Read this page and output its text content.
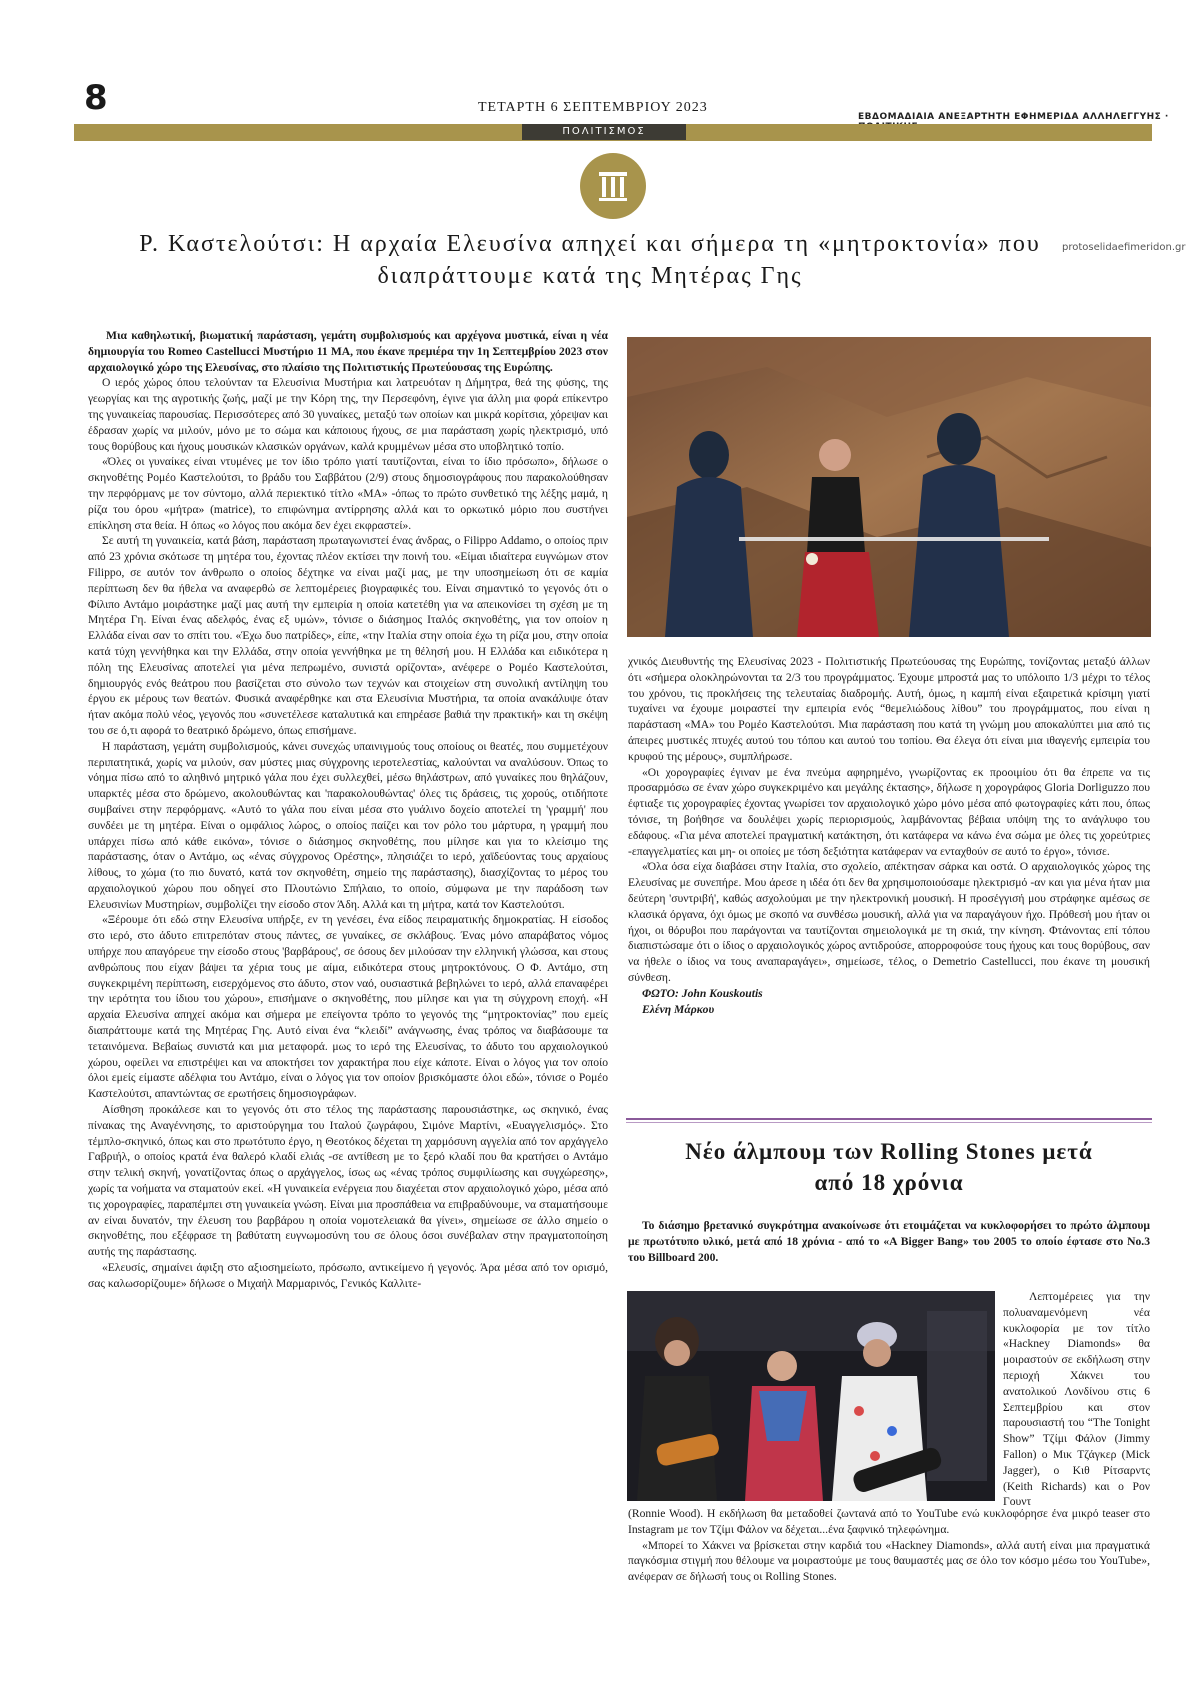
8	ΤΕΤΑΡΤΗ 6 ΣΕΠΤΕΜΒΡΙΟΥ 2023
ΕΒΔΟΜΑΔΙΑΙΑ ΑΝΕΞΑΡΤΗΤΗ ΕΦΗΜΕΡΙΔΑ ΑΛΛΗΛΕΓΓΥΗΣ ·
ΠΟΛΙΤΙΣΜΟΣ
Ρ. Καστελούτσι: Η αρχαία Ελευσίνα απηχεί και σήμερα τη «μητροκτονία» που
διαπράττουμε κατά της Μητέρας Γης
protoselidaefimeridon.gr

Μια καθηλωτική, βιωματική παράσταση, γεμάτη συμβολισμούς και αρχέγονα μυστικά, είναι η νέα δημιουργία του Romeo Castellucci Μυστήριο 11 ΜΑ, που έκανε πρεμιέρα την 1η Σεπτεμβρίου 2023 στον αρχαιολογικό χώρο της Ελευσίνας, στο πλαίσιο της Πολιτιστικής Πρωτεύουσας της Ευρώπης.

Ο ιερός χώρος όπου τελούνταν τα Ελευσίνια Μυστήρια και λατρευόταν η Δήμητρα, θεά της φύσης, της γεωργίας και της αγροτικής ζωής, μαζί με την Κόρη της, την Περσεφόνη, έγινε για άλλη μια φορά επίκεντρο της γυναικείας παρουσίας. Περισσότερες από 30 γυναίκες, μεταξύ των οποίων και μικρά κορίτσια, χόρεψαν και έδρασαν χωρίς να μιλούν, μόνο με το σώμα και κάποιους ήχους, σε μια παράσταση χωρίς ηλεκτρισμό, υπό τους θορύβους και ήχους μουσικών κλασικών οργάνων, καλά κρυμμένων μέσα στο υποβλητικό τοπίο.

«Όλες οι γυναίκες είναι ντυμένες με τον ίδιο τρόπο γιατί ταυτίζονται, είναι το ίδιο πρόσωπο», δήλωσε ο σκηνοθέτης Ρομέο Καστελούτσι, το βράδυ του Σαββάτου (2/9) στους δημοσιογράφους που παρακολούθησαν την περφόρμανς με τον σύντομο, αλλά περιεκτικό τίτλο «ΜΑ» -όπως το πρώτο συνθετικό της λέξης μαμά, η ρίζα του όρου «μήτρα» (matrice), το επιφώνημα αντίρρησης αλλά και το ορκωτικό μόριο που συστήνει επίκληση στα θεία. Η όπως «ο λόγος που ακόμα δεν έχει εκφραστεί».

Σε αυτή τη γυναικεία, κατά βάση, παράσταση πρωταγωνιστεί ένας άνδρας, ο Filippo Addamo, ο οποίος πριν από 23 χρόνια σκότωσε τη μητέρα του, έχοντας πλέον εκτίσει την ποινή του. «Είμαι ιδιαίτερα ευγνώμων στον Filippo, σε αυτόν τον άνθρωπο ο οποίος δέχτηκε να είναι μαζί μας, με την υποσημείωση ότι σε καμία περίπτωση δεν θα ήθελα να αναφερθώ σε λεπτομέρειες βιογραφικές του. Είναι σημαντικό το γεγονός ότι ο Φίλιπο Αντάμο μοιράστηκε μαζί μας αυτή την εμπειρία η οποία κατετέθη για να απεικονίσει τη σχέση με τη Μητέρα Γη. Είναι ένας αδελφός, ένας εξ υμών», τόνισε ο διάσημος Ιταλός σκηνοθέτης, για τον οποίον η Ελλάδα είναι σαν το σπίτι του. «Έχω δυο πατρίδες», είπε, «την Ιταλία στην οποία έχω τη ρίζα μου, στην οποία κατά τύχη γεννήθηκα και την Ελλάδα, στην οποία γεννήθηκα με τη θέλησή μου. Η Ελλάδα και ειδικότερα η πόλη της Ελευσίνας αποτελεί για μένα πεπρωμένο, συνιστά ορίζοντα», ανέφερε ο Ρομέο Καστελούτσι, δημιουργός ενός θεάτρου που βασίζεται στο σύνολο των τεχνών και στοιχείων στη συνολική αντίληψη του έργου εκ μέρους των θεατών. Φυσικά αναφέρθηκε και στα Ελευσίνια Μυστήρια, τα οποία ανακάλυψε όταν ήταν ακόμα πολύ νέος, γεγονός που «συνετέλεσε καταλυτικά και επηρέασε βαθιά την πρακτική» και τη σκέψη του σε ό,τι αφορά το θεατρικό δρώμενο, όπως επισήμανε.

Η παράσταση, γεμάτη συμβολισμούς, κάνει συνεχώς υπαινιγμούς τους οποίους οι θεατές, που συμμετέχουν περιπατητικά, χωρίς να μιλούν, σαν μύστες μιας σύγχρονης ιεροτελεστίας, καλούνται να αναλύσουν. Όπως το νόημα πίσω από το αληθινό μητρικό γάλα που έχει συλλεχθεί, μέσω θηλάστρων, από γυναίκες που θηλάζουν, υπαρκτές μέσα στο δρώμενο, ακολουθώντας και 'παρακολουθώντας' όλες τις δράσεις, τις χορούς, οτιδήποτε συμβαίνει στην περφόρμανς. «Αυτό το γάλα που είναι μέσα στο γυάλινο δοχείο αποτελεί τη 'γραμμή' που συνδέει με τη μητέρα. Είναι ο ομφάλιος λώρος, ο οποίος παίζει και τον ρόλο του μάρτυρα, η γραμμή που υπάρχει πίσω από κάθε εικόνα», τόνισε ο διάσημος σκηνοθέτης, που μίλησε και για το κλείσιμο της παράστασης, όταν ο Αντάμο, ως «ένας σύγχρονος Ορέστης», πλησιάζει το ιερό, χαϊδεύοντας τους αρχαίους λίθους, το χώμα (το πιο δυνατό, κατά τον σκηνοθέτη, σημείο της παράστασης), διασχίζοντας το μέρος του αρχαιολογικού χώρου που οδηγεί στο Πλουτώνιο Σπήλαιο, το οποίο, σύμφωνα με την παράδοση των Ελευσινίων Μυστηρίων, συμβολίζει την είσοδο στον Άδη. Αλλά και τη μήτρα, κατά τον Καστελούτσι.

«Ξέρουμε ότι εδώ στην Ελευσίνα υπήρξε, εν τη γενέσει, ένα είδος πειραματικής δημοκρατίας. Η είσοδος στο ιερό, στο άδυτο επιτρεπόταν στους πάντες, σε γυναίκες, σε σκλάβους. Ένας μόνο απαράβατος νόμος υπήρχε που απαγόρευε την είσοδο στους 'βαρβάρους', σε όσους δεν μιλούσαν την ελληνική γλώσσα, και στους ανθρώπους που είχαν βάψει τα χέρια τους με αίμα, ειδικότερα στους μητροκτόνους. Ο Φ. Αντάμο, στη συγκεκριμένη περίπτωση, εισερχόμενος στο άδυτο, στον ναό, ουσιαστικά βεβηλώνει το ιερό, αλλά επαναφέρει την ιερότητα του ίδιου του χώρου», επισήμανε ο σκηνοθέτης, που μίλησε και για τη σύγχρονη εποχή. «Η αρχαία Ελευσίνα απηχεί ακόμα και σήμερα με επείγοντα τρόπο το γεγονός της “μητροκτονίας” που εμείς διαπράττουμε κατά της Μητέρας Γης. Αυτό είναι ένα “κλειδί” ανάγνωσης, ένας τρόπος να διαβάσουμε τα τεταινόμενα. Βεβαίως συνιστά και μια μεταφορά. μως το ιερό της Ελευσίνας, το άδυτο του αρχαιολογικού χώρου, οφείλει να επιστρέψει και να αποκτήσει τον χαρακτήρα που είχε κάποτε. Είναι ο λόγος για τον οποίο όλοι εμείς είμαστε αδέλφια του Αντάμο, είναι ο λόγος για τον οποίον βρισκόμαστε όλοι εδώ», τόνισε ο Ρομέο Καστελούτσι, απαντώντας σε ερωτήσεις δημοσιογράφων.

Αίσθηση προκάλεσε και το γεγονός ότι στο τέλος της παράστασης παρουσιάστηκε, ως σκηνικό, ένας πίνακας της Αναγέννησης, το αριστούργημα του Ιταλού ζωγράφου, Σιμόνε Μαρτίνι, «Ευαγγελισμός». Στο τέμπλο-σκηνικό, όπως και στο πρωτότυπο έργο, η Θεοτόκος δέχεται τη χαρμόσυνη αγγελία από τον αρχάγγελο Γαβριήλ, ο οποίος κρατά ένα θαλερό κλαδί ελιάς -σε αντίθεση με το ξερό κλαδί που θα κρατήσει ο Αντάμο στην τελική σκηνή, γονατίζοντας όπως ο αρχάγγελος, ίσως ως «ένας τρόπος συμφιλίωσης και συγχώρεσης», χωρίς τα νοήματα να σταματούν εκεί. «Η γυναικεία ενέργεια που διαχέεται στον αρχαιολογικό χώρο, μέσα από τις χορογραφίες, παραπέμπει στη γυναικεία γνώση. Είναι μια προσπάθεια να επιβραδύνουμε, να σταματήσουμε αν είναι δυνατόν, την έλευση του βαρβάρου η οποία νομοτελειακά θα γίνει», σημείωσε σε άλλο σημείο ο σκηνοθέτης, που εξέφρασε τη βαθύτατη ευγνωμοσύνη του σε όλους όσοι συνέβαλαν στην πραγματοποίηση αυτής της παράστασης.

«Ελευσίς, σημαίνει άφιξη στο αξιοσημείωτο, πρόσωπο, αντικείμενο ή γεγονός. Άρα μέσα από τον ορισμό, σας καλωσορίζουμε» δήλωσε ο Μιχαήλ Μαρμαρινός, Γενικός Καλλιτε-

χνικός Διευθυντής της Ελευσίνας 2023 - Πολιτιστικής Πρωτεύουσας της Ευρώπης, τονίζοντας μεταξύ άλλων ότι «σήμερα ολοκληρώνονται τα 2/3 του προγράμματος. Έχουμε μπροστά μας το υπόλοιπο 1/3 μέχρι το τέλος του χρόνου, τις προκλήσεις της τελευταίας διαδρομής. Αυτή, όμως, η καμπή είναι εξαιρετικά κρίσιμη γιατί τυχαίνει να έχουμε μοιραστεί την εμπειρία ενός “θεμελιώδους λίθου” του προγράμματος, που είναι η παράσταση «ΜΑ» του Ρομέο Καστελούτσι. Μια παράσταση που κατά τη γνώμη μου αποκαλύπτει μια από τις άπειρες μυστικές πτυχές αυτού του τόπου και αυτού του τοπίου. Θα έλεγα ότι είναι μια ιθαγενής εμπειρία του κρυφού της μέρους», συμπλήρωσε.

«Οι χορογραφίες έγιναν με ένα πνεύμα αφηρημένο, γνωρίζοντας εκ προοιμίου ότι θα έπρεπε να τις προσαρμόσω σε έναν χώρο συγκεκριμένο και μεγάλης έκτασης», δήλωσε η χορογράφος Gloria Dorliguzzo που έφτιαξε τις χορογραφίες έχοντας γνωρίσει τον αρχαιολογικό χώρο μόνο μέσα από φωτογραφίες κάτι που, όπως τόνισε, τη βοήθησε να δουλέψει χωρίς περιορισμούς, λαμβάνοντας βέβαια υπόψη της το ανάγλυφο του εδάφους. «Για μένα αποτελεί πραγματική κατάκτηση, ότι κατάφερα να κάνω ένα σώμα με όλες τις χορεύτριες -επαγγελματίες και μη- οι οποίες με τόση δεξιότητα κατάφεραν να ενταχθούν σε αυτό το έργο», τόνισε.

«Όλα όσα είχα διαβάσει στην Ιταλία, στο σχολείο, απέκτησαν σάρκα και οστά. Ο αρχαιολογικός χώρος της Ελευσίνας με συνεπήρε. Μου άρεσε η ιδέα ότι δεν θα χρησιμοποιούσαμε ηλεκτρισμό -αν και για μένα ήταν μια δεύτερη 'συντριβή', καθώς ασχολούμαι με την ηλεκτρονική μουσική. Η προσέγγισή μου στράφηκε αμέσως σε κλασικά όργανα, όχι όμως με σκοπό να συνθέσω μουσική, αλλά για να παραγάγουν ήχο. Πρόθεσή μου ήταν οι ήχοι, οι θόρυβοι που παράγονται να ταυτίζονται σημειολογικά με τη σκιά, την κίνηση. Φτάνοντας επί τόπου διαπιστώσαμε ότι ο ίδιος ο αρχαιολογικός χώρος αντιδρούσε, απορροφούσε τους ήχους και τους θορύβους, σαν να ήθελε ο ίδιος να τους αναπαραγάγει», σημείωσε, τέλος, ο Demetrio Castellucci, που έκανε τη μουσική σύνθεση.

ΦΩΤΟ: John Kouskoutis

Ελένη Μάρκου

Νέο άλμπουμ των Rolling Stones μετά
από 18 χρόνια

Το διάσημο βρετανικό συγκρότημα ανακοίνωσε ότι ετοιμάζεται να κυκλοφορήσει το πρώτο άλμπουμ με πρωτότυπο υλικό, μετά από 18 χρόνια - από το «A Bigger Bang» του 2005 το οποίο έφτασε στο No.3 του Billboard 200.

Λεπτομέρειες για την πολυαναμενόμενη νέα κυκλοφορία με τον τίτλο «Hackney Diamonds» θα μοιραστούν σε εκδήλωση στην περιοχή Χάκνει του ανατολικού Λονδίνου στις 6 Σεπτεμβρίου και στον παρουσιαστή του “The Tonight Show” Τζίμι Φάλον (Jimmy Fallon) ο Μικ Τζάγκερ (Mick Jagger), ο Κιθ Ρίτσαρντς (Keith Richards) και ο Ρον Γουντ

(Ronnie Wood). Η εκδήλωση θα μεταδοθεί ζωντανά από το YouTube ενώ κυκλοφόρησε ένα μικρό teaser στο Instagram με τον Τζίμι Φάλον να δέχεται...ένα ξαφνικό τηλεφώνημα.

«Μπορεί το Χάκνει να βρίσκεται στην καρδιά του «Hackney Diamonds», αλλά αυτή είναι μια πραγματικά παγκόσμια στιγμή που θέλουμε να μοιραστούμε με τους θαυμαστές μας σε όλο τον κόσμο μέσω του YouTube», ανέφεραν σε δήλωσή τους οι Rolling Stones.
